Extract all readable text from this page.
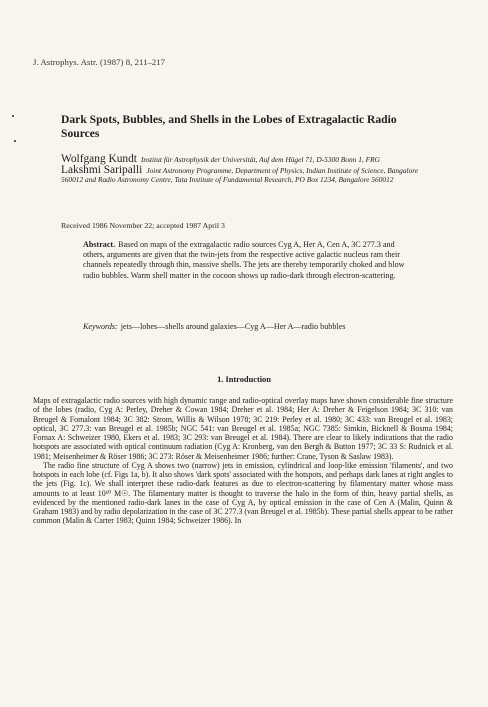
J. Astrophys. Astr. (1987) 8, 211–217
Dark Spots, Bubbles, and Shells in the Lobes of Extragalactic Radio Sources
Wolfgang Kundt Institut für Astrophysik der Universität, Auf dem Hügel 71, D-5300 Bonn 1, FRG
Lakshmi Saripalli Joint Astronomy Programme, Department of Physics, Indian Institute of Science, Bangalore 560012 and Radio Astronomy Centre, Tata Institute of Fundamental Research, PO Box 1234, Bangalore 560012
Received 1986 November 22; accepted 1987 April 3
Abstract. Based on maps of the extragalactic radio sources Cyg A, Her A, Cen A, 3C 277.3 and others, arguments are given that the twin-jets from the respective active galactic nucleus ram their channels repeatedly through thin, massive shells. The jets are thereby temporarily choked and blow radio bubbles. Warm shell matter in the cocoon shows up radio-dark through electron-scattering.
Keywords: jets—lobes—shells around galaxies—Cyg A—Her A—radio bubbles
1. Introduction

Maps of extragalactic radio sources with high dynamic range and radio-optical overlay maps have shown considerable fine structure of the lobes (radio, Cyg A: Perley, Dreher & Cowan 1984; Dreher et al. 1984; Her A: Dreher & Feigelson 1984; 3C 310: van Breugel & Fomalont 1984; 3C 382: Strom, Willis & Wilson 1978; 3C 219: Perley et al. 1980; 3C 433: van Breugel et al. 1983; optical, 3C 277.3: van Breugel et al. 1985b; NGC 541: van Breugel et al. 1985a; NGC 7385: Simkin, Bicknell & Bosma 1984; Fornax A: Schweizer 1980, Ekers et al. 1983; 3C 293: van Breugel et al. 1984). There are clear to likely indications that the radio hotspots are associated with optical continuum radiation (Cyg A: Kronberg, van den Bergh & Button 1977; 3C 33 S: Rudnick et al. 1981; Meisenheimer & Röser 1986; 3C 273: Röser & Meisenheimer 1986; further: Crane, Tyson & Saslaw 1983).

The radio fine structure of Cyg A shows two (narrow) jets in emission, cylindrical and loop-like emission 'filaments', and two hotspots in each lobe (cf. Figs 1a, b). It also shows 'dark spots' associated with the hotspots, and perhaps dark lanes at right angles to the jets (Fig. 1c). We shall interpret these radio-dark features as due to electron-scattering by filamentary matter whose mass amounts to at least 10¹⁰ M☉. The filamentary matter is thought to traverse the halo in the form of thin, heavy partial shells, as evidenced by the mentioned radio-dark lanes in the case of Cyg A, by optical emission in the case of Cen A (Malin, Quinn & Graham 1983) and by radio depolarization in the case of 3C 277.3 (van Breugel et al. 1985b). These partial shells appear to be rather common (Malin & Carter 1983; Quinn 1984; Schweizer 1986). In
